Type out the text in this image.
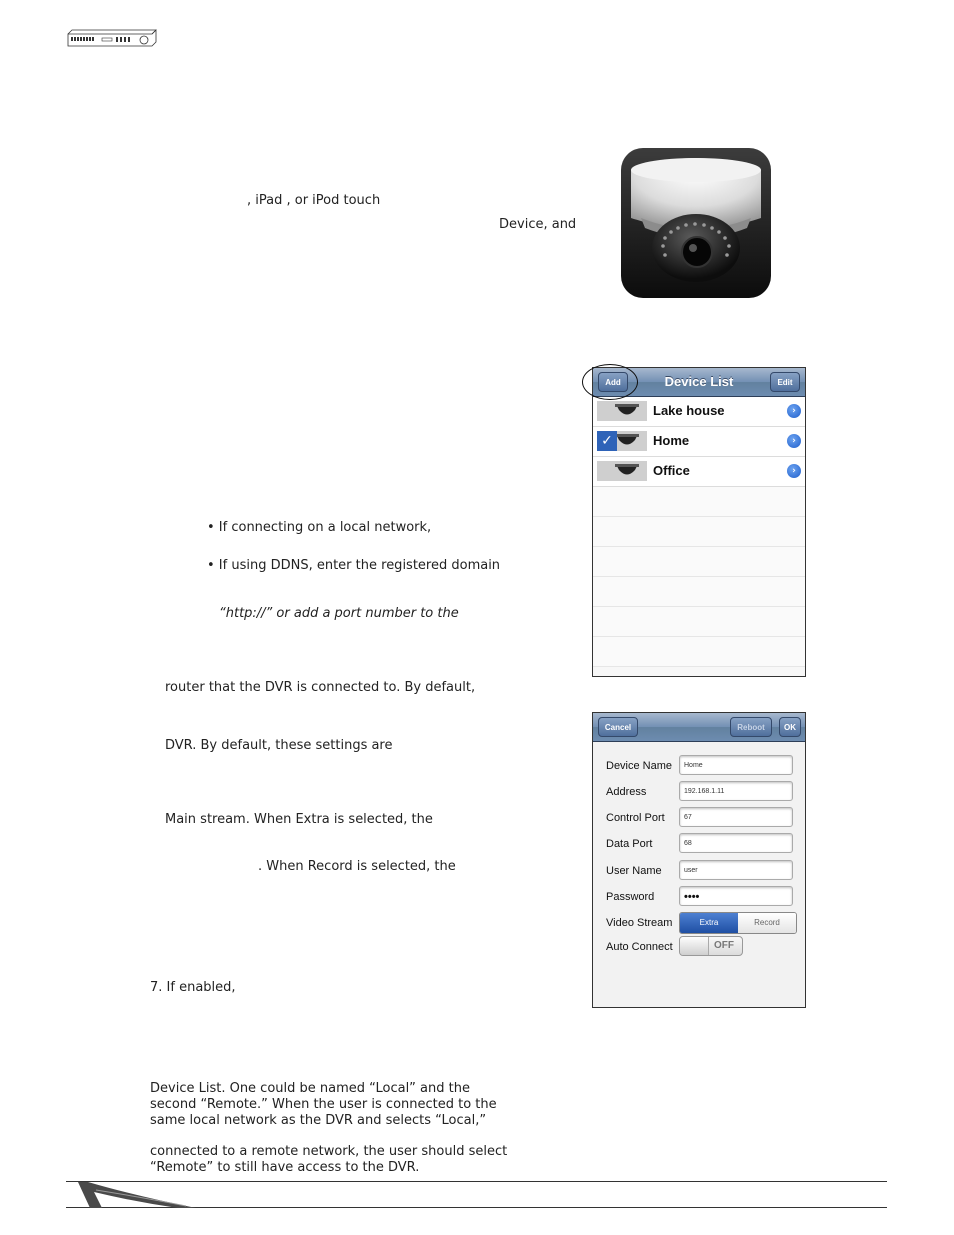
, iPad , or iPod touch
Device, and
Add	Device List	Edit
Lake house	›
✓	Home	›
Office	›
• If connecting on a local network,
• If using DDNS, enter the registered domain
“http://” or add a port number to the
router that the DVR is connected to. By default,
DVR. By default, these settings are
Main stream. When Extra is selected, the
. When Record is selected, the
7. If enabled,
Cancel	Reboot	OK
Device Name	Home
Address	192.168.1.11
Control Port	67
Data Port	68
User Name	user
Password	••••
Video Stream	Extra	Record
Auto Connect	OFF
Device List. One could be named “Local” and the
second “Remote.” When the user is connected to the
same local network as the DVR and selects “Local,”
connected to a remote network, the user should select
“Remote” to still have access to the DVR.
